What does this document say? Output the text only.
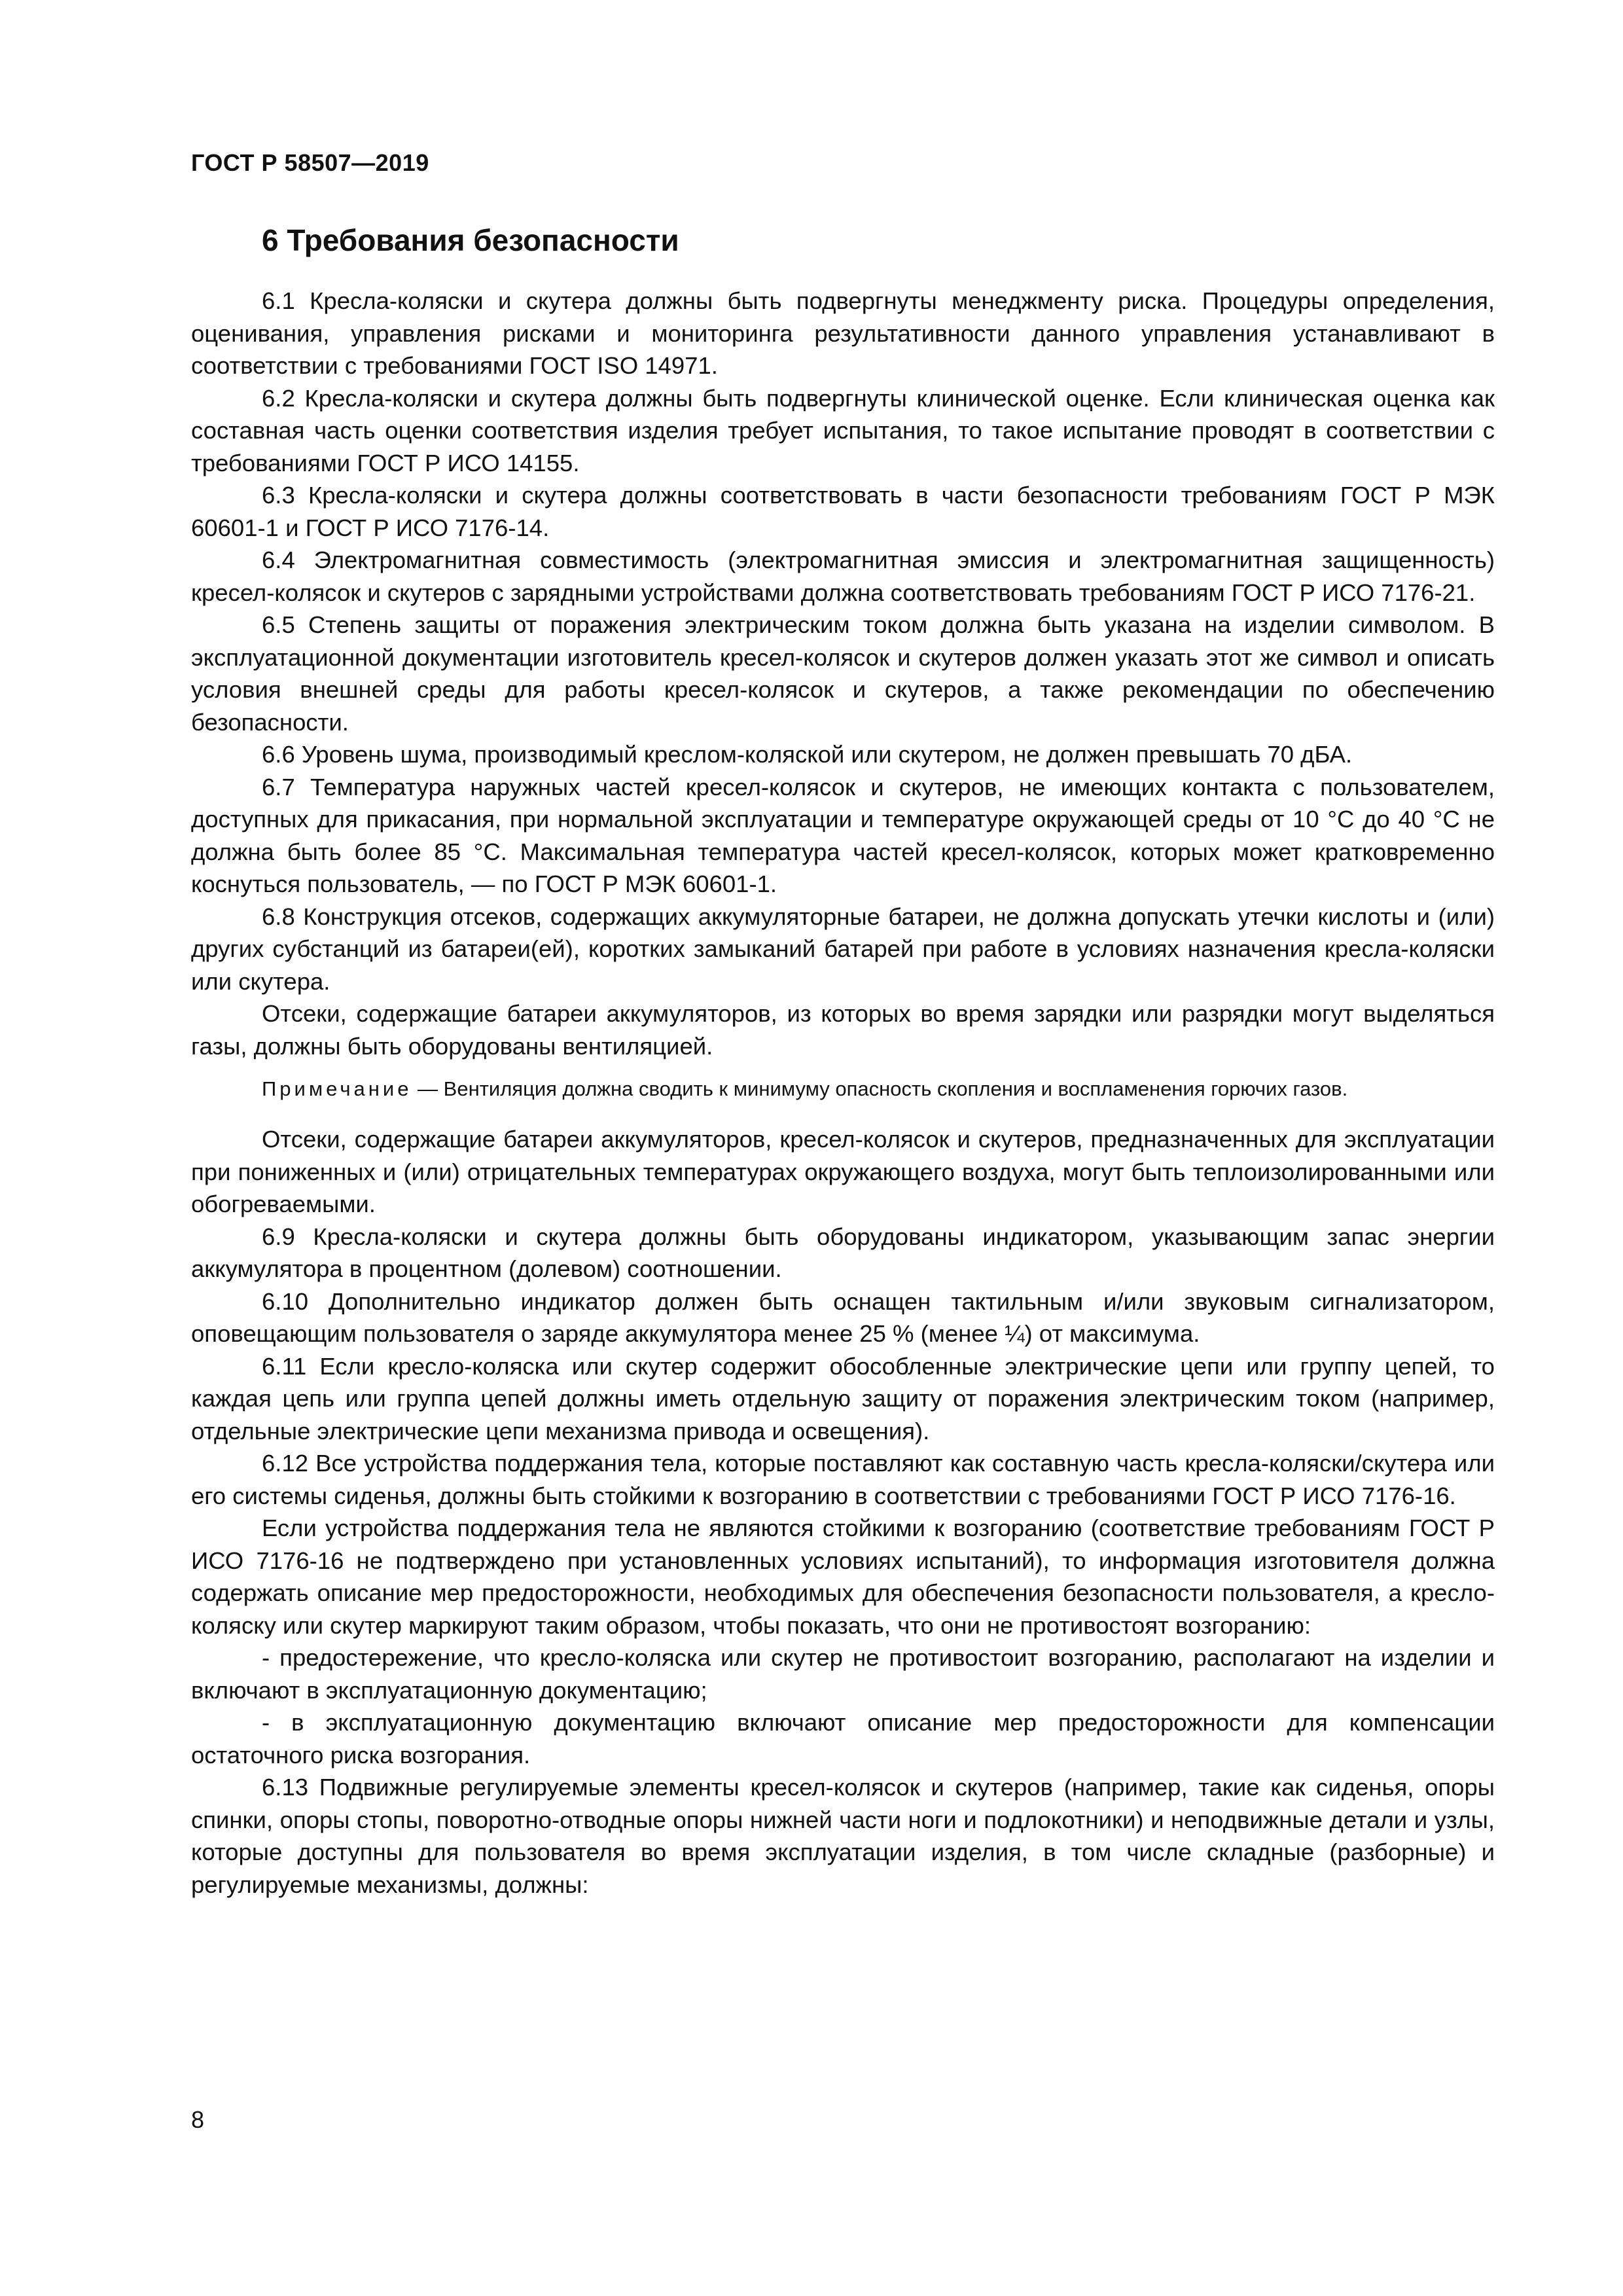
ГОСТ Р 58507—2019
6 Требования безопасности

6.1 Кресла-коляски и скутера должны быть подвергнуты менеджменту риска. Процедуры определения, оценивания, управления рисками и мониторинга результативности данного управления устанавливают в соответствии с требованиями ГОСТ ISO 14971.

6.2 Кресла-коляски и скутера должны быть подвергнуты клинической оценке. Если клиническая оценка как составная часть оценки соответствия изделия требует испытания, то такое испытание проводят в соответствии с требованиями ГОСТ Р ИСО 14155.

6.3 Кресла-коляски и скутера должны соответствовать в части безопасности требованиям ГОСТ Р МЭК 60601-1 и ГОСТ Р ИСО 7176-14.

6.4 Электромагнитная совместимость (электромагнитная эмиссия и электромагнитная защищенность) кресел-колясок и скутеров с зарядными устройствами должна соответствовать требованиям ГОСТ Р ИСО 7176-21.

6.5 Степень защиты от поражения электрическим током должна быть указана на изделии символом. В эксплуатационной документации изготовитель кресел-колясок и скутеров должен указать этот же символ и описать условия внешней среды для работы кресел-колясок и скутеров, а также рекомендации по обеспечению безопасности.

6.6 Уровень шума, производимый креслом-коляской или скутером, не должен превышать 70 дБА.

6.7 Температура наружных частей кресел-колясок и скутеров, не имеющих контакта с пользователем, доступных для прикасания, при нормальной эксплуатации и температуре окружающей среды от 10 °С до 40 °С не должна быть более 85 °С. Максимальная температура частей кресел-колясок, которых может кратковременно коснуться пользователь, — по ГОСТ Р МЭК 60601-1.

6.8 Конструкция отсеков, содержащих аккумуляторные батареи, не должна допускать утечки кислоты и (или) других субстанций из батареи(ей), коротких замыканий батарей при работе в условиях назначения кресла-коляски или скутера.

Отсеки, содержащие батареи аккумуляторов, из которых во время зарядки или разрядки могут выделяться газы, должны быть оборудованы вентиляцией.

Примечание — Вентиляция должна сводить к минимуму опасность скопления и воспламенения горючих газов.

Отсеки, содержащие батареи аккумуляторов, кресел-колясок и скутеров, предназначенных для эксплуатации при пониженных и (или) отрицательных температурах окружающего воздуха, могут быть теплоизолированными или обогреваемыми.

6.9 Кресла-коляски и скутера должны быть оборудованы индикатором, указывающим запас энергии аккумулятора в процентном (долевом) соотношении.

6.10 Дополнительно индикатор должен быть оснащен тактильным и/или звуковым сигнализатором, оповещающим пользователя о заряде аккумулятора менее 25 % (менее ¼) от максимума.

6.11 Если кресло-коляска или скутер содержит обособленные электрические цепи или группу цепей, то каждая цепь или группа цепей должны иметь отдельную защиту от поражения электрическим током (например, отдельные электрические цепи механизма привода и освещения).

6.12 Все устройства поддержания тела, которые поставляют как составную часть кресла-коляски/скутера или его системы сиденья, должны быть стойкими к возгоранию в соответствии с требованиями ГОСТ Р ИСО 7176-16.

Если устройства поддержания тела не являются стойкими к возгоранию (соответствие требованиям ГОСТ Р ИСО 7176-16 не подтверждено при установленных условиях испытаний), то информация изготовителя должна содержать описание мер предосторожности, необходимых для обеспечения безопасности пользователя, а кресло-коляску или скутер маркируют таким образом, чтобы показать, что они не противостоят возгоранию:

- предостережение, что кресло-коляска или скутер не противостоит возгоранию, располагают на изделии и включают в эксплуатационную документацию;

- в эксплуатационную документацию включают описание мер предосторожности для компенсации остаточного риска возгорания.

6.13 Подвижные регулируемые элементы кресел-колясок и скутеров (например, такие как сиденья, опоры спинки, опоры стопы, поворотно-отводные опоры нижней части ноги и подлокотники) и неподвижные детали и узлы, которые доступны для пользователя во время эксплуатации изделия, в том числе складные (разборные) и регулируемые механизмы, должны:

8
